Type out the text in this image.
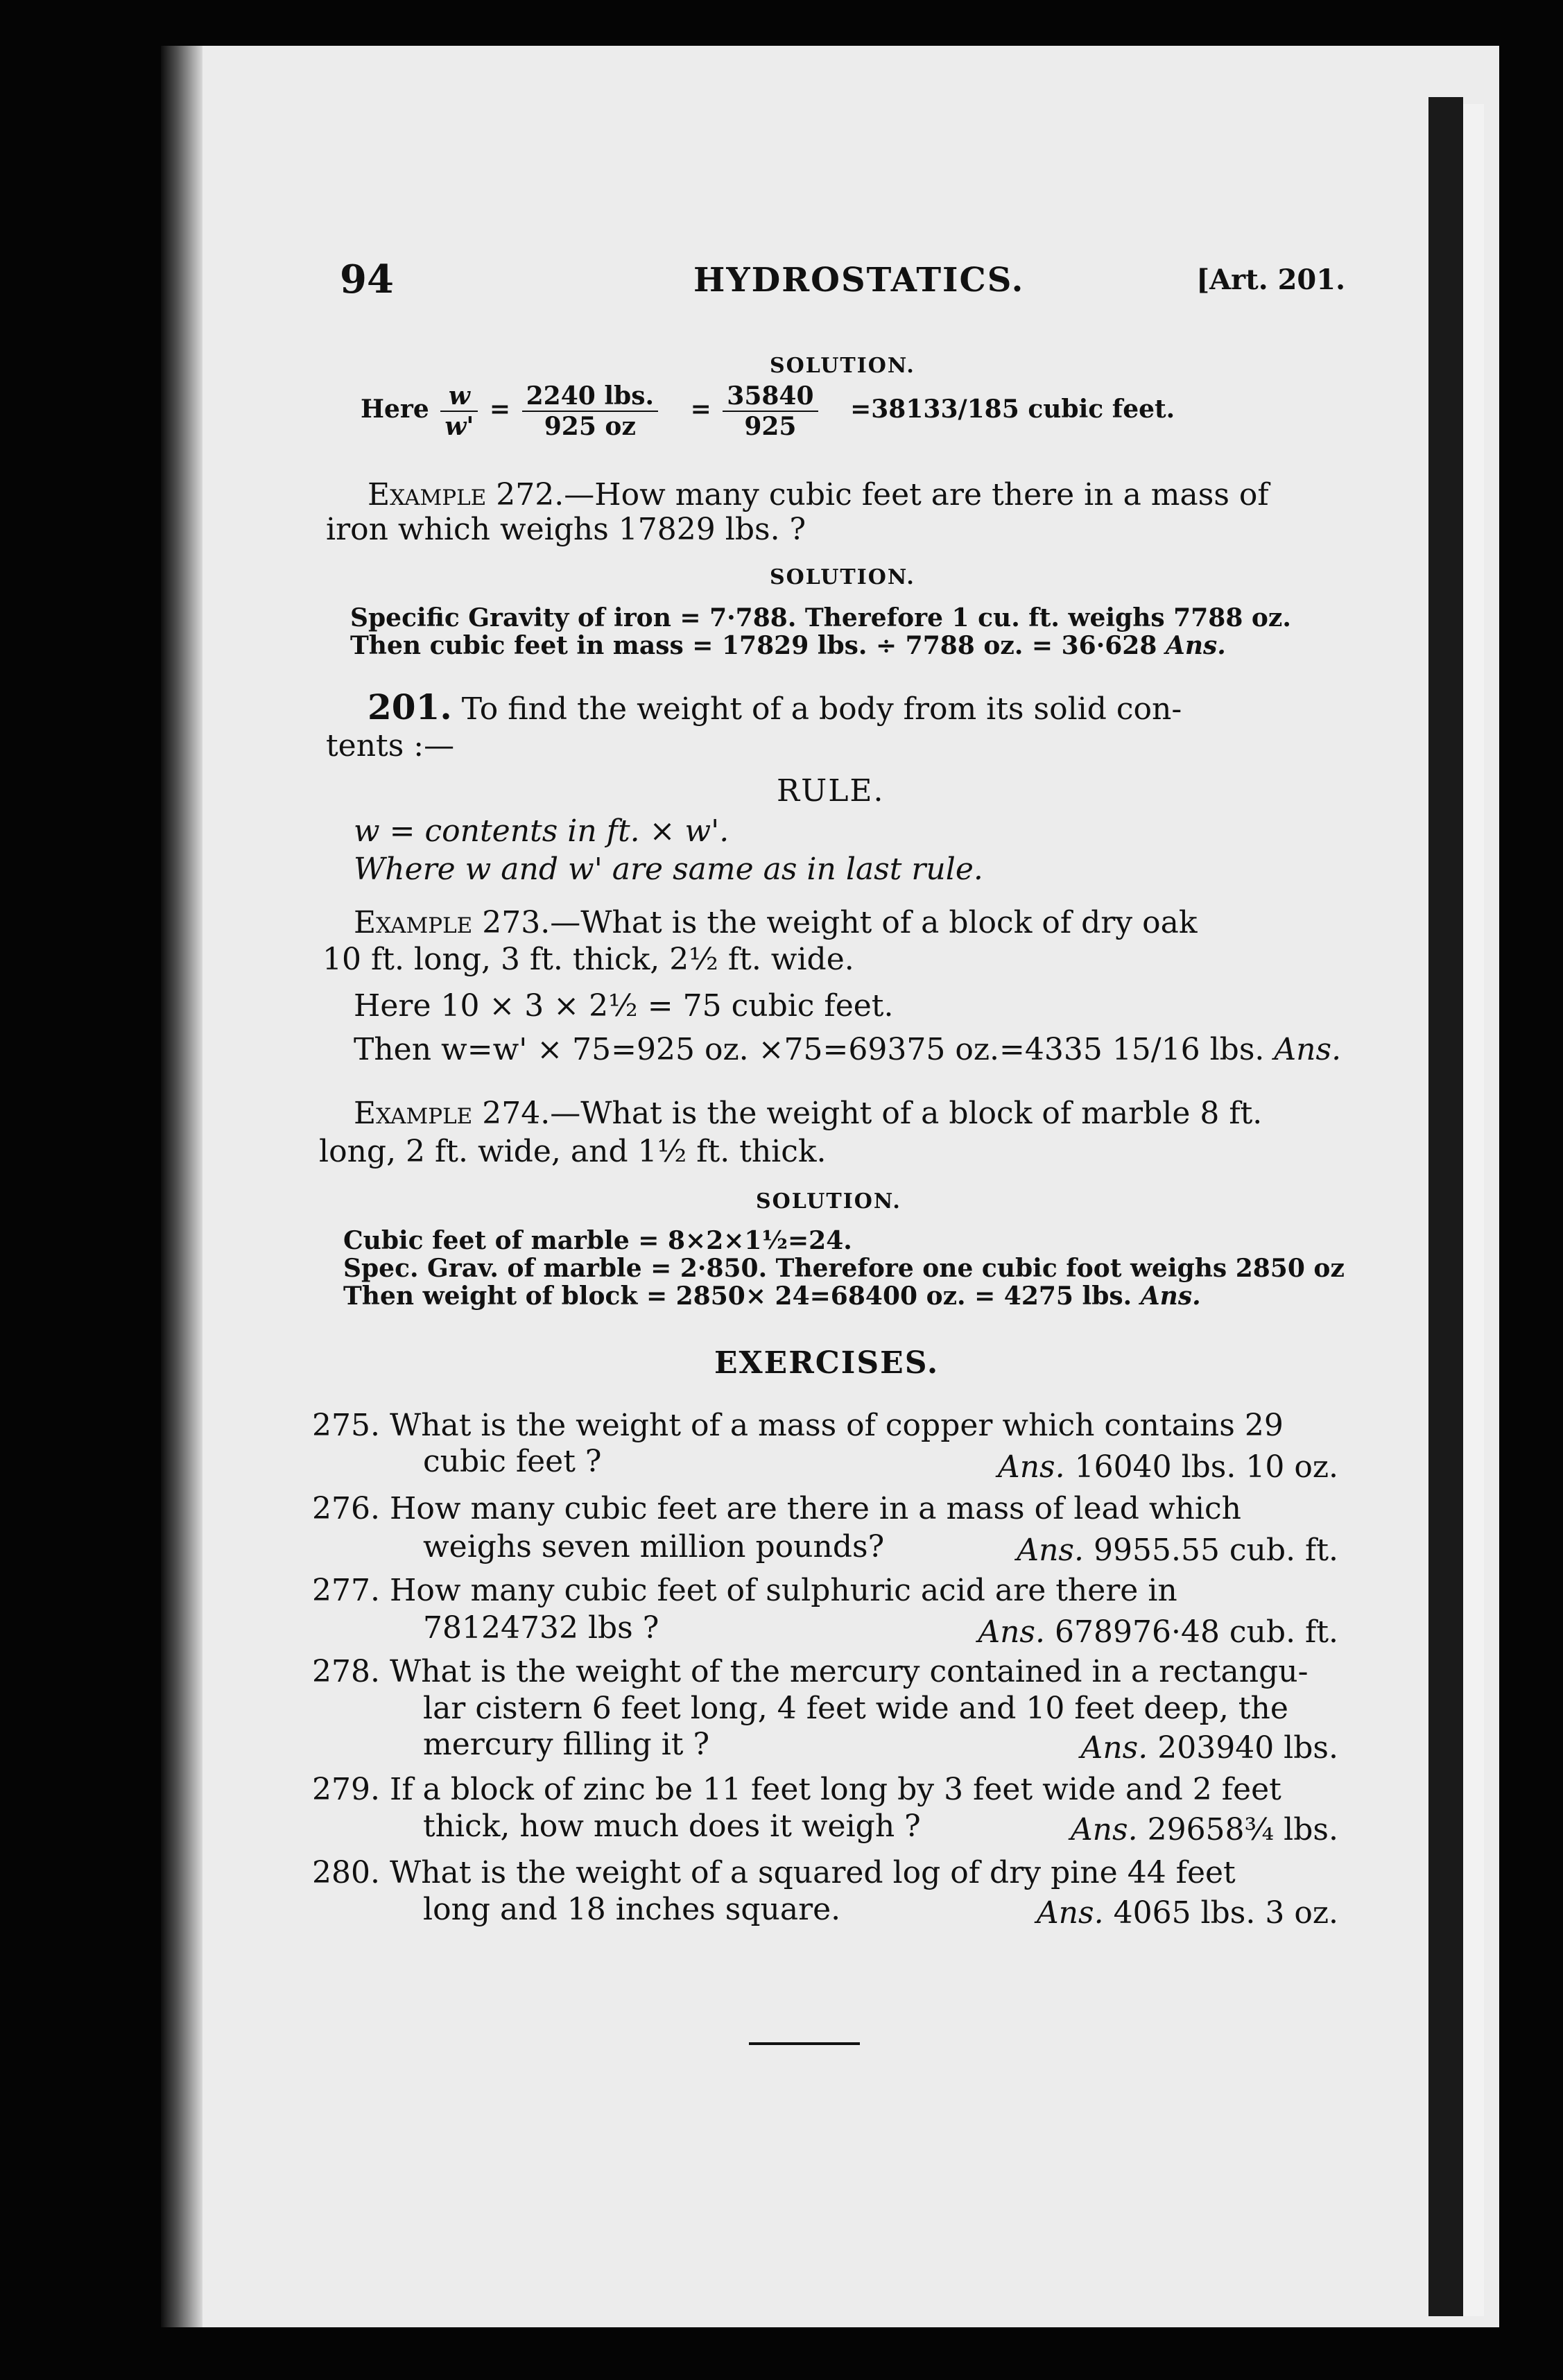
94	HYDROSTATICS.	[Art. 201.
SOLUTION.
Here $\frac{w}{w'} = \frac{\text{2240 lbs.}}{925 oz} = \frac{35840}{925} =38133/185$ cubic feet.
Example 272.—How many cubic feet are there in a mass of
iron which weighs 17829 lbs. ?
SOLUTION.
Specific Gravity of iron = 7·788. Therefore 1 cu. ft. weighs 7788 oz.
Then cubic feet in mass = 17829 lbs. ÷ 7788 oz. = 36·628 Ans.
201. To find the weight of a body from its solid con-
tents :—
RULE.
w = contents in ft. × w'.
Where w and w' are same as in last rule.
Example 273.—What is the weight of a block of dry oak
10 ft. long, 3 ft. thick, 2½ ft. wide.
Here 10 × 3 × 2½ = 75 cubic feet.
Then w=w' × 75=925 oz. ×75=69375 oz.=4335 15/16 lbs. Ans.
Example 274.—What is the weight of a block of marble 8 ft.
long, 2 ft. wide, and 1½ ft. thick.
SOLUTION.
Cubic feet of marble = 8×2×1½=24.
Spec. Grav. of marble = 2·850. Therefore one cubic foot weighs 2850 oz
Then weight of block = 2850× 24=68400 oz. = 4275 lbs. Ans.
EXERCISES.
275. What is the weight of a mass of copper which contains 29
cubic feet ?	Ans. 16040 lbs. 10 oz.
276. How many cubic feet are there in a mass of lead which
weighs seven million pounds?	Ans. 9955.55 cub. ft.
277. How many cubic feet of sulphuric acid are there in
78124732 lbs ?	Ans. 678976·48 cub. ft.
278. What is the weight of the mercury contained in a rectangu-
lar cistern 6 feet long, 4 feet wide and 10 feet deep, the
mercury filling it ?	Ans. 203940 lbs.
279. If a block of zinc be 11 feet long by 3 feet wide and 2 feet
thick, how much does it weigh ?	Ans. 29658¾ lbs.
280. What is the weight of a squared log of dry pine 44 feet
long and 18 inches square.	Ans. 4065 lbs. 3 oz.
